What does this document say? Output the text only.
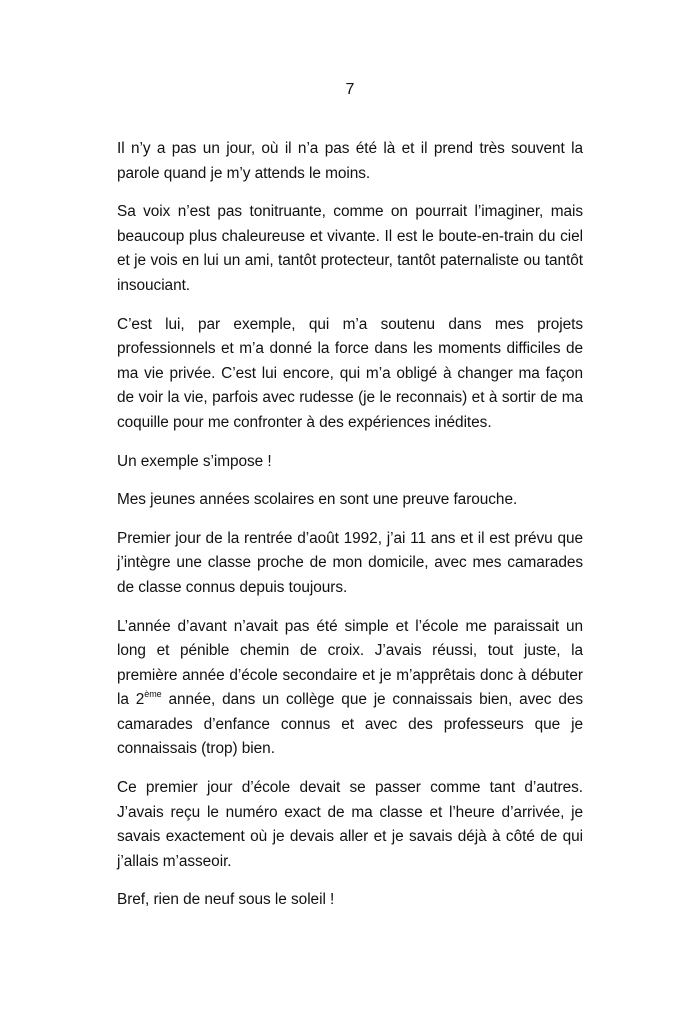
7

Il n’y a pas un jour, où il n’a pas été là et il prend très souvent la parole quand je m’y attends le moins.

Sa voix n’est pas tonitruante, comme on pourrait l’imaginer, mais beaucoup plus chaleureuse et vivante. Il est le boute-en-train du ciel et je vois en lui un ami, tantôt protecteur, tantôt paternaliste ou tantôt insouciant.

C’est lui, par exemple, qui m’a soutenu dans mes projets professionnels et m’a donné la force dans les moments difficiles de ma vie privée. C’est lui encore, qui m’a obligé à changer ma façon de voir la vie, parfois avec rudesse (je le reconnais) et à sortir de ma coquille pour me confronter à des expériences inédites.

Un exemple s’impose !

Mes jeunes années scolaires en sont une preuve farouche.

Premier jour de la rentrée d’août 1992, j’ai 11 ans et il est prévu que j’intègre une classe proche de mon domicile, avec mes camarades de classe connus depuis toujours.

L’année d’avant n’avait pas été simple et l’école me paraissait un long et pénible chemin de croix. J’avais réussi, tout juste, la première année d’école secondaire et je m’apprêtais donc à débuter la 2ème année, dans un collège que je connaissais bien, avec des camarades d’enfance connus et avec des professeurs que je connaissais (trop) bien.

Ce premier jour d’école devait se passer comme tant d’autres. J’avais reçu le numéro exact de ma classe et l’heure d’arrivée, je savais exactement où je devais aller et je savais déjà à côté de qui j’allais m’asseoir.

Bref, rien de neuf sous le soleil !
